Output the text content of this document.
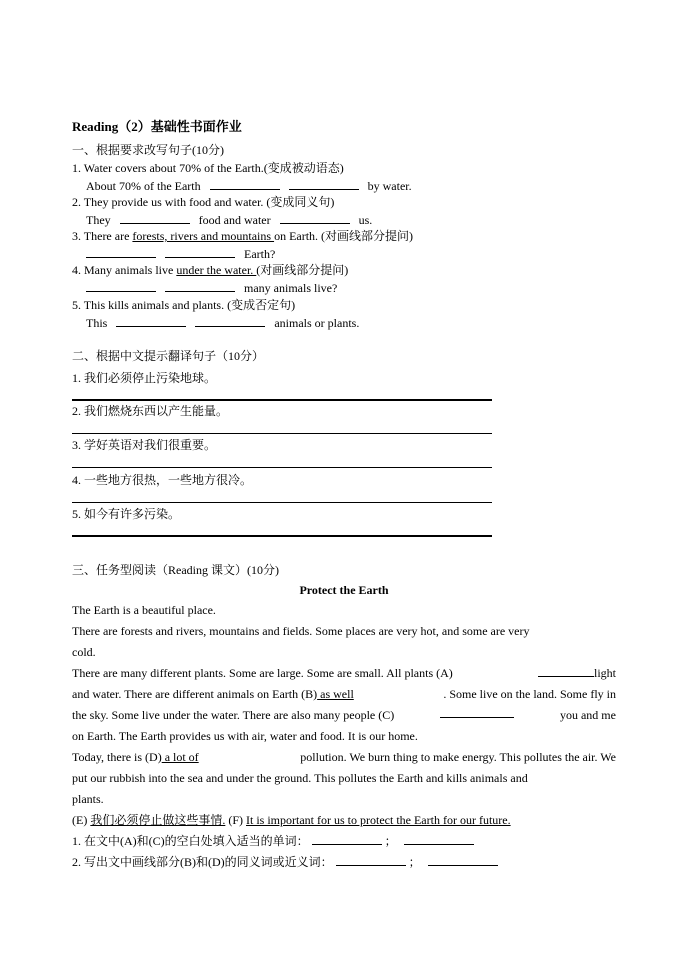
Reading（2）基础性书面作业
一、根据要求改写句子(10分)
1. Water covers about 70% of the Earth.(变成被动语态)
About 70% of the Earth	by water.
2. They provide us with food and water. (变成同义句)
They	food and water	us.
3. There are forests, rivers and mountains on Earth. (对画线部分提问)
Earth?
4. Many animals live under the water. (对画线部分提问)
many animals live?
5. This kills animals and plants. (变成否定句)
This	animals or plants.
二、根据中文提示翻译句子（10分）
1. 我们必须停止污染地球。
2. 我们燃烧东西以产生能量。
3. 学好英语对我们很重要。
4. 一些地方很热，一些地方很冷。
5. 如今有许多污染。
三、任务型阅读（Reading 课文）(10分)
Protect the Earth
The Earth is a beautiful place.
There are forests and rivers, mountains and fields. Some places are very hot, and some are very
cold.
There are many different plants. Some are large. Some are small. All plants (A)	light
and water. There are different animals on Earth (B) as well	. Some live on the land. Some fly in
the sky. Some live under the water. There are also many people (C)	you and me
on Earth. The Earth provides us with air, water and food. It is our home.
Today, there is (D) a lot of	pollution. We burn thing to make energy. This pollutes the air. We
put our rubbish into the sea and under the ground. This pollutes the Earth and kills animals and
plants.
(E) 我们必须停止做这些事情. (F) It is important for us to protect the Earth for our future.
1. 在文中(A)和(C)的空白处填入适当的单词：	；
2. 写出文中画线部分(B)和(D)的同义词或近义词：	；
